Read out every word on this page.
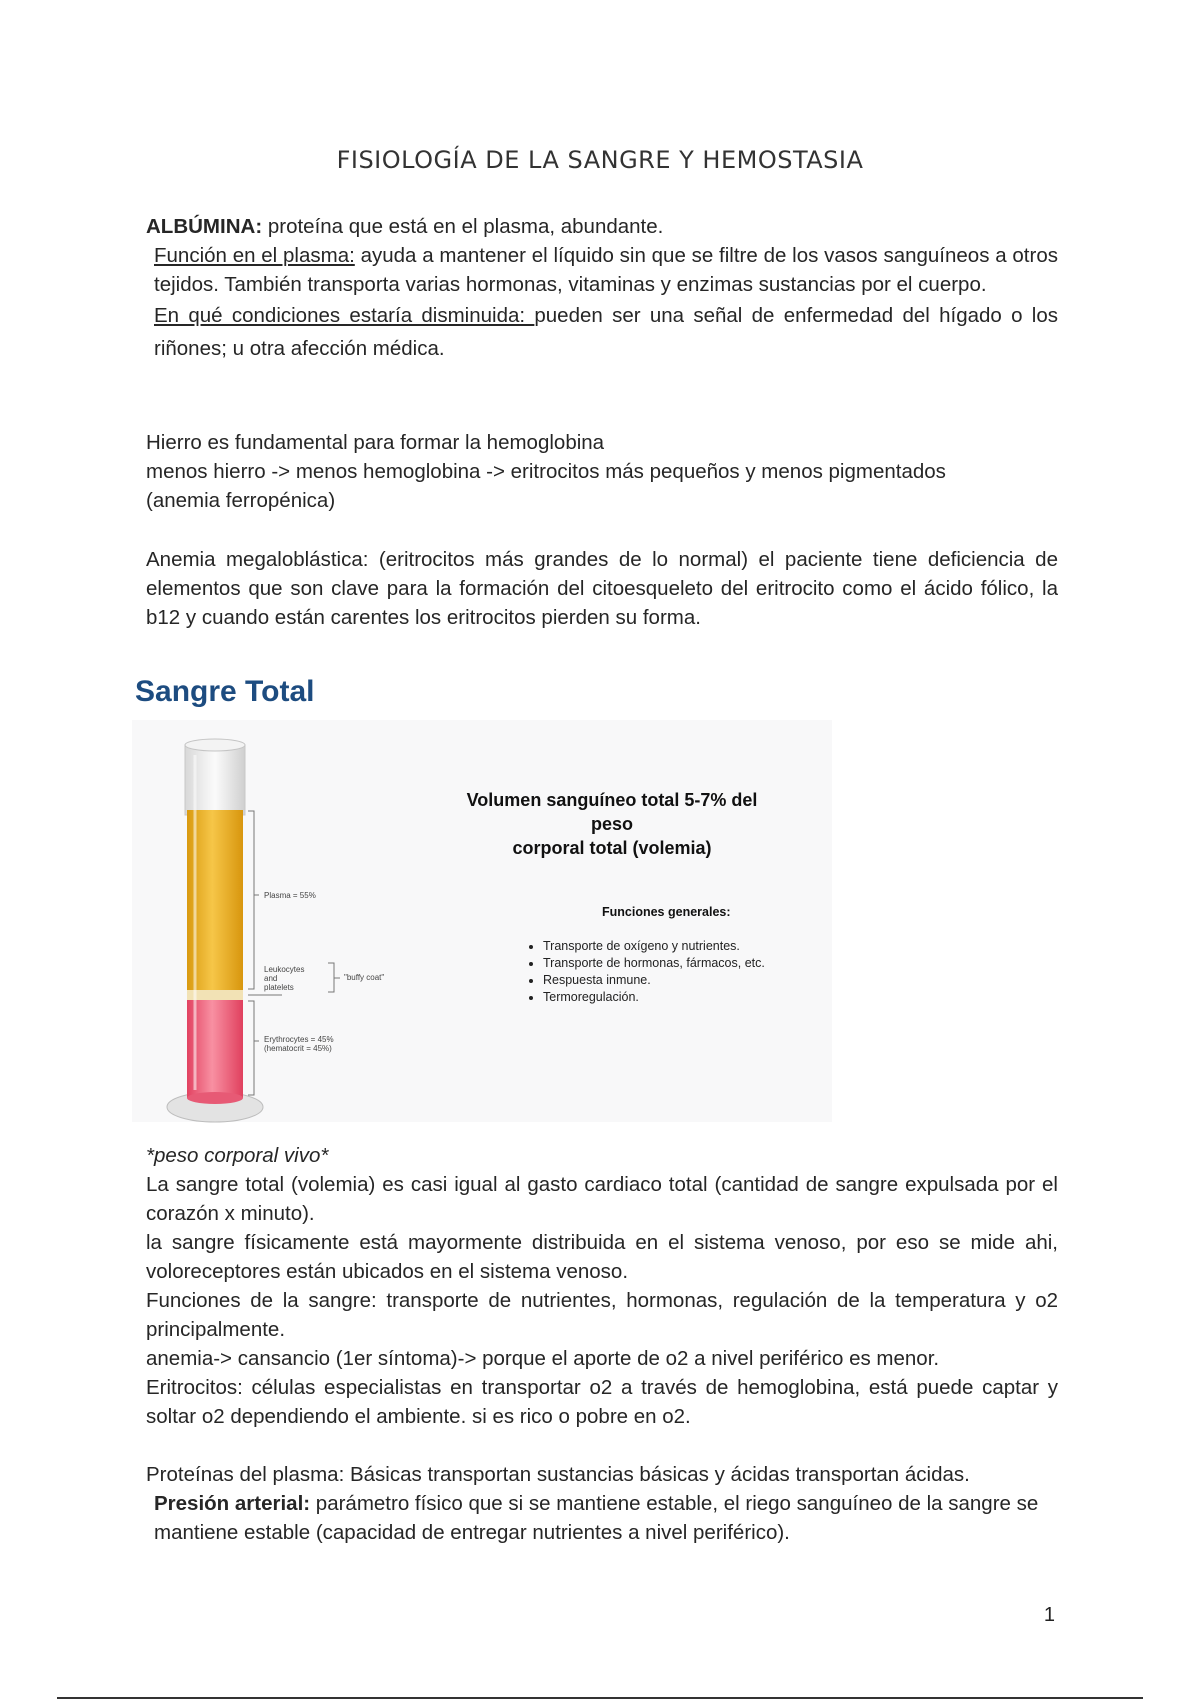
FISIOLOGÍA DE LA SANGRE Y HEMOSTASIA

ALBÚMINA: proteína que está en el plasma, abundante.

Función en el plasma: ayuda a mantener el líquido sin que se filtre de los vasos sanguíneos a otros tejidos. También transporta varias hormonas, vitaminas y enzimas sustancias por el cuerpo.

En qué condiciones estaría disminuida: pueden ser una señal de enfermedad del hígado o los riñones; u otra afección médica.

Hierro es fundamental para formar la hemoglobina

menos hierro -> menos hemoglobina -> eritrocitos más pequeños y menos pigmentados

(anemia ferropénica)

Anemia megaloblástica: (eritrocitos más grandes de lo normal) el paciente tiene deficiencia de elementos que son clave para la formación del citoesqueleto del eritrocito como el ácido fólico, la b12 y cuando están carentes los eritrocitos pierden su forma.

Sangre Total
Plasma = 55%
Leukocytes
and
platelets
"buffy coat"
Erythrocytes = 45%
(hematocrit = 45%)
Volumen sanguíneo total 5-7% del peso
corporal total (volemia)
Funciones generales:
• Transporte de oxígeno y nutrientes.
• Transporte de hormonas, fármacos, etc.
• Respuesta inmune.
• Termoregulación.

*peso corporal vivo*

La sangre total (volemia) es casi igual al gasto cardiaco total (cantidad de sangre expulsada por el corazón x minuto).

la sangre físicamente está mayormente distribuida en el sistema venoso, por eso se mide ahi, voloreceptores están ubicados en el sistema venoso.

Funciones de la sangre: transporte de nutrientes, hormonas, regulación de la temperatura y o2 principalmente.

anemia-> cansancio (1er síntoma)-> porque el aporte de o2 a nivel periférico es menor.

Eritrocitos: células especialistas en transportar o2 a través de hemoglobina, está puede captar y soltar o2 dependiendo el ambiente. si es rico o pobre en o2.

Proteínas del plasma: Básicas transportan sustancias básicas y ácidas transportan ácidas.

Presión arterial: parámetro físico que si se mantiene estable, el riego sanguíneo de la sangre se mantiene estable (capacidad de entregar nutrientes a nivel periférico).

1
